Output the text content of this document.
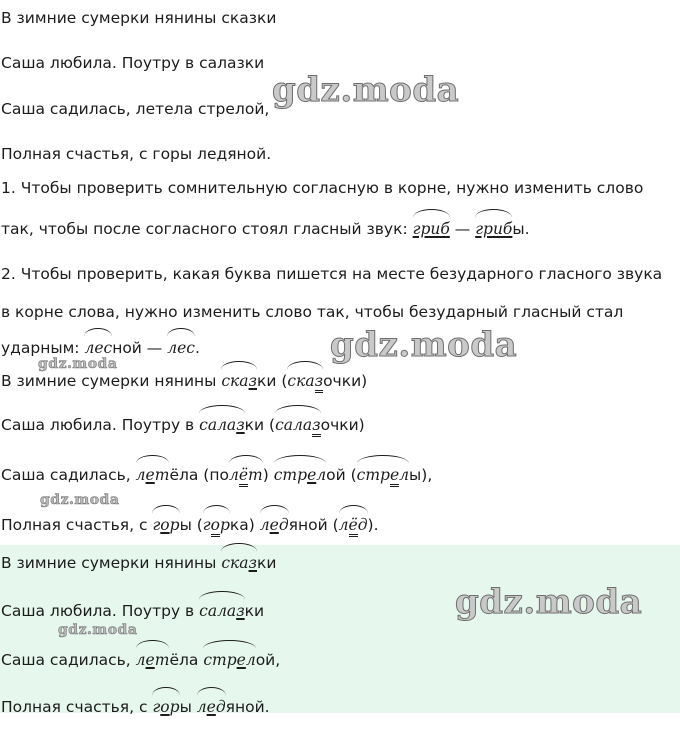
В зимние сумерки нянины сказки
Саша любила. Поутру в салазки
Саша садилась, летела стрелой,
Полная счастья, с горы ледяной.
1. Чтобы проверить сомнительную согласную в корне, нужно изменить слово
так, чтобы после согласного стоял гласный звук: гриб — грибы.
2. Чтобы проверить, какая буква пишется на месте безударного гласного звука
в корне слова, нужно изменить слово так, чтобы безударный гласный стал
ударным: лесной — лес.
В зимние сумерки нянины сказки (сказочки)
Саша любила. Поутру в салазки (салазочки)
Саша садилась, летёла (полёт) стрелой (стрелы),
Полная счастья, с горы (горка) ледяной (лёд).
В зимние сумерки нянины сказки
Саша любила. Поутру в салазки
Саша садилась, летёла стрелой,
Полная счастья, с горы ледяной.
gdz.moda
gdz.moda
gdz.moda
gdz.moda
gdz.moda
gdz.moda
